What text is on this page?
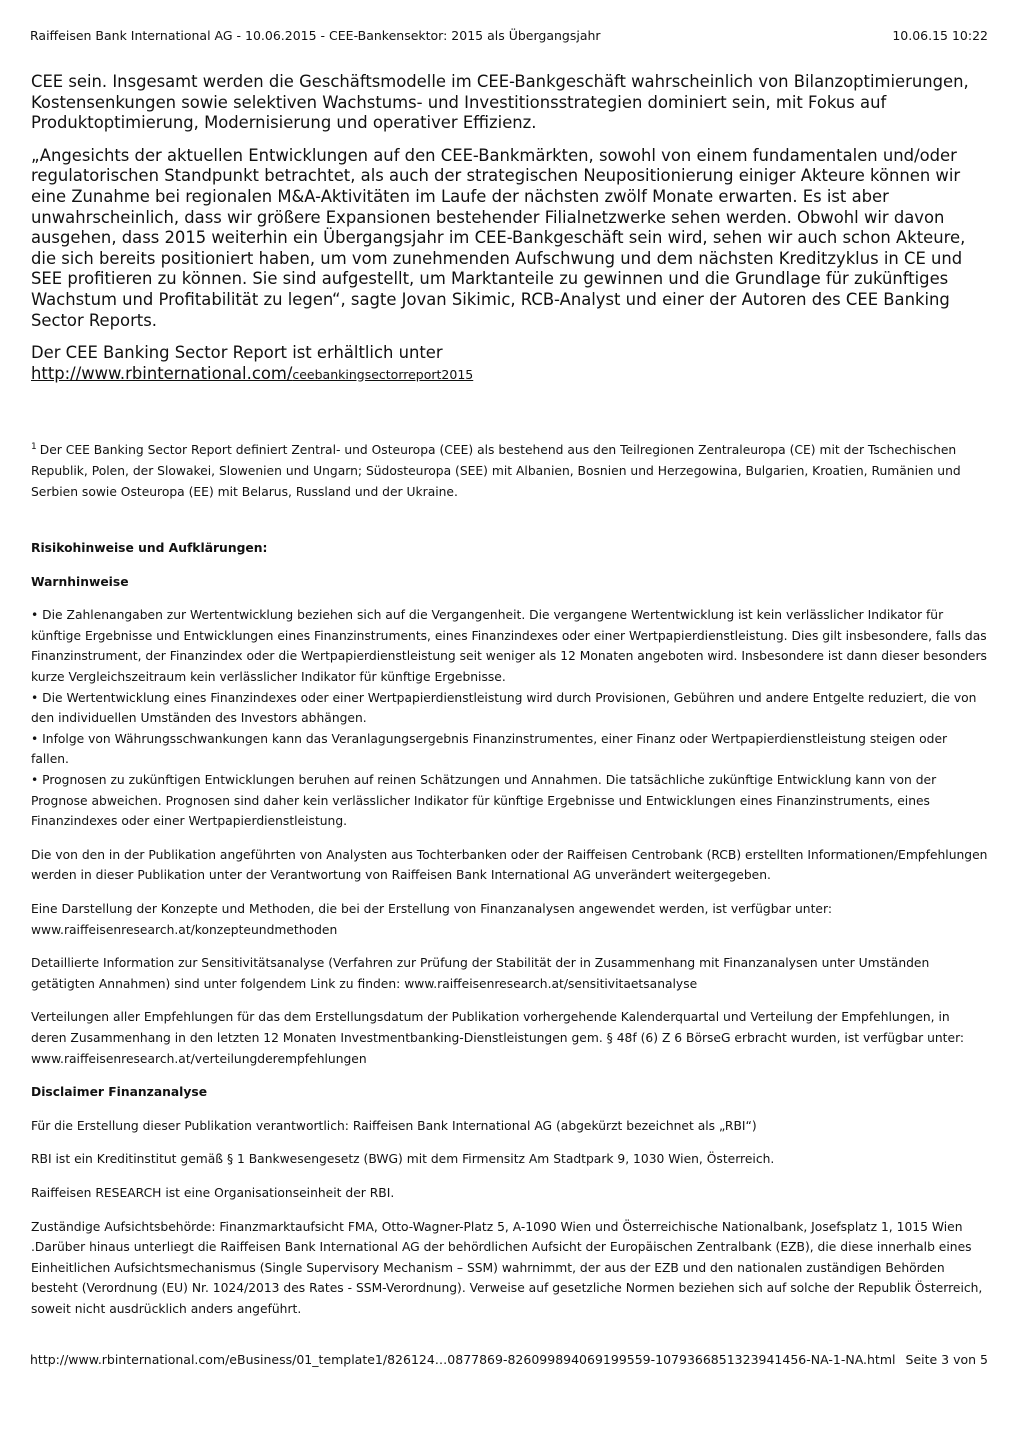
Raiffeisen Bank International AG - 10.06.2015 - CEE-Bankensektor: 2015 als Übergangsjahr	10.06.15 10:22

CEE sein. Insgesamt werden die Geschäftsmodelle im CEE-Bankgeschäft wahrscheinlich von Bilanzoptimierungen, Kostensenkungen sowie selektiven Wachstums- und Investitionsstrategien dominiert sein, mit Fokus auf Produktoptimierung, Modernisierung und operativer Effizienz.

„Angesichts der aktuellen Entwicklungen auf den CEE-Bankmärkten, sowohl von einem fundamentalen und/oder regulatorischen Standpunkt betrachtet, als auch der strategischen Neupositionierung einiger Akteure können wir eine Zunahme bei regionalen M&A-Aktivitäten im Laufe der nächsten zwölf Monate erwarten. Es ist aber unwahrscheinlich, dass wir größere Expansionen bestehender Filialnetzwerke sehen werden. Obwohl wir davon ausgehen, dass 2015 weiterhin ein Übergangsjahr im CEE-Bankgeschäft sein wird, sehen wir auch schon Akteure, die sich bereits positioniert haben, um vom zunehmenden Aufschwung und dem nächsten Kreditzyklus in CE und SEE profitieren zu können. Sie sind aufgestellt, um Marktanteile zu gewinnen und die Grundlage für zukünftiges Wachstum und Profitabilität zu legen“, sagte Jovan Sikimic, RCB-Analyst und einer der Autoren des CEE Banking Sector Reports.

Der CEE Banking Sector Report ist erhältlich unter
http://www.rbinternational.com/ceebankingsectorreport2015

$^1$ Der CEE Banking Sector Report definiert Zentral- und Osteuropa (CEE) als bestehend aus den Teilregionen Zentraleuropa (CE) mit der Tschechischen Republik, Polen, der Slowakei, Slowenien und Ungarn; Südosteuropa (SEE) mit Albanien, Bosnien und Herzegowina, Bulgarien, Kroatien, Rumänien und Serbien sowie Osteuropa (EE) mit Belarus, Russland und der Ukraine.
Risikohinweise und Aufklärungen:
Warnhinweise
• Die Zahlenangaben zur Wertentwicklung beziehen sich auf die Vergangenheit. Die vergangene Wertentwicklung ist kein verlässlicher Indikator für künftige Ergebnisse und Entwicklungen eines Finanzinstruments, eines Finanzindexes oder einer Wertpapierdienstleistung. Dies gilt insbesondere, falls das Finanzinstrument, der Finanzindex oder die Wertpapierdienstleistung seit weniger als 12 Monaten angeboten wird. Insbesondere ist dann dieser besonders kurze Vergleichszeitraum kein verlässlicher Indikator für künftige Ergebnisse.
• Die Wertentwicklung eines Finanzindexes oder einer Wertpapierdienstleistung wird durch Provisionen, Gebühren und andere Entgelte reduziert, die von den individuellen Umständen des Investors abhängen.
• Infolge von Währungsschwankungen kann das Veranlagungsergebnis Finanzinstrumentes, einer Finanz oder Wertpapierdienstleistung steigen oder fallen.
• Prognosen zu zukünftigen Entwicklungen beruhen auf reinen Schätzungen und Annahmen. Die tatsächliche zukünftige Entwicklung kann von der Prognose abweichen. Prognosen sind daher kein verlässlicher Indikator für künftige Ergebnisse und Entwicklungen eines Finanzinstruments, eines Finanzindexes oder einer Wertpapierdienstleistung.

Die von den in der Publikation angeführten von Analysten aus Tochterbanken oder der Raiffeisen Centrobank (RCB) erstellten Informationen/Empfehlungen werden in dieser Publikation unter der Verantwortung von Raiffeisen Bank International AG unverändert weitergegeben.

Eine Darstellung der Konzepte und Methoden, die bei der Erstellung von Finanzanalysen angewendet werden, ist verfügbar unter: www.raiffeisenresearch.at/konzepteundmethoden

Detaillierte Information zur Sensitivitätsanalyse (Verfahren zur Prüfung der Stabilität der in Zusammenhang mit Finanzanalysen unter Umständen getätigten Annahmen) sind unter folgendem Link zu finden: www.raiffeisenresearch.at/sensitivitaetsanalyse

Verteilungen aller Empfehlungen für das dem Erstellungsdatum der Publikation vorhergehende Kalenderquartal und Verteilung der Empfehlungen, in deren Zusammenhang in den letzten 12 Monaten Investmentbanking-Dienstleistungen gem. § 48f (6) Z 6 BörseG erbracht wurden, ist verfügbar unter: www.raiffeisenresearch.at/verteilungderempfehlungen

Disclaimer Finanzanalyse

Für die Erstellung dieser Publikation verantwortlich: Raiffeisen Bank International AG (abgekürzt bezeichnet als „RBI“)

RBI ist ein Kreditinstitut gemäß § 1 Bankwesengesetz (BWG) mit dem Firmensitz Am Stadtpark 9, 1030 Wien, Österreich.

Raiffeisen RESEARCH ist eine Organisationseinheit der RBI.

Zuständige Aufsichtsbehörde: Finanzmarktaufsicht FMA, Otto-Wagner-Platz 5, A-1090 Wien und Österreichische Nationalbank, Josefsplatz 1, 1015 Wien .Darüber hinaus unterliegt die Raiffeisen Bank International AG der behördlichen Aufsicht der Europäischen Zentralbank (EZB), die diese innerhalb eines Einheitlichen Aufsichtsmechanismus (Single Supervisory Mechanism – SSM) wahrnimmt, der aus der EZB und den nationalen zuständigen Behörden besteht (Verordnung (EU) Nr. 1024/2013 des Rates - SSM-Verordnung). Verweise auf gesetzliche Normen beziehen sich auf solche der Republik Österreich, soweit nicht ausdrücklich anders angeführt.

http://www.rbinternational.com/eBusiness/01_template1/826124…0877869-826099894069199559-1079366851323941456-NA-1-NA.html Seite 3 von 5
